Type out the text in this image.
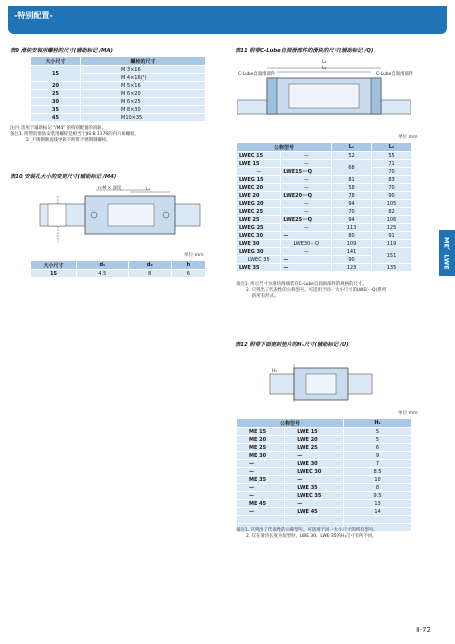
-特别配置-
ME、LWE
表9 滑块安装用螺栓的尺寸(辅助标记 /MA)
大小尺寸	螺栓的尺寸
15	M 3×16
	M 4×16(¹)
20	M 5×16
25	M 6×20
30	M 6×25
35	M 8×30
45	M10×35
注(¹) 适用于辅助标记 "/M4" 的特别配置的滑轨。
备注1. 附带的滑轨安装用螺栓是相当于JIS B 1176的内六角螺栓。
2. 不锈钢制直线导轨不附带不锈钢制螺栓。
表10 安装孔大小的变更尺寸(辅助标记 /M4)
n-M × 深度	L₂
单位 mm
大小尺寸	d₁	d₂	h
15	4.5	8	6
表11 附带C-Lube自润滑部件的滑块的尺寸(辅助标记 /Q)
L₂
L₁
C-Lube自润滑部件	C-Lube自润滑部件
单位 mm
公称型号		L₁	L₂
LWEC 15	—	52	55
LWE 15	—	68	71
—	LWE15···Q		70
LWEG 15	—	81	83
LWEC 20	—	58	70
LWE 20	LWE20···Q	78	90
LWEG 20	—	94	105
LWEC 25	—	70	82
LWE 25	LWE25···Q	94	106
LWEG 25	—	113	125
LWEC 30	—	80	91
LWE 30	LWE30···Q	109	119
LWEG 30	—	141	151
LWEC 35	—	90	
LWE 35	—	123	135
备注1. 所示尺寸为滑块两端装有C-Lube自润滑部件的规格的尺寸。
2. 只列出了代表性的公称型号。可适用于同一大小尺寸的LWE(···Q)系列
的所有形式。
表12 附带下面密封垫片的H₁尺寸(辅助标记 /U)
H₁
单位 mm
公称型号		H₁
ME 15	LWE 15	5
ME 20	LWE 20	5
ME 25	LWE 25	6
ME 30	—	9
—	LWE 30	7
—	LWEC 30	8.5
ME 35	—	10
—	LWE 35	8
—	LWEC 35	9.5
ME 45	—	13
—	LWE 45	14

备注1. 只列出了代表性的公称型号。可适用于同一大小尺寸的所有型号。
2. 仅在滑块长度为短型时，LWE 30、LWE 35的H₁尺寸有所不同。
Ⅱ-72
